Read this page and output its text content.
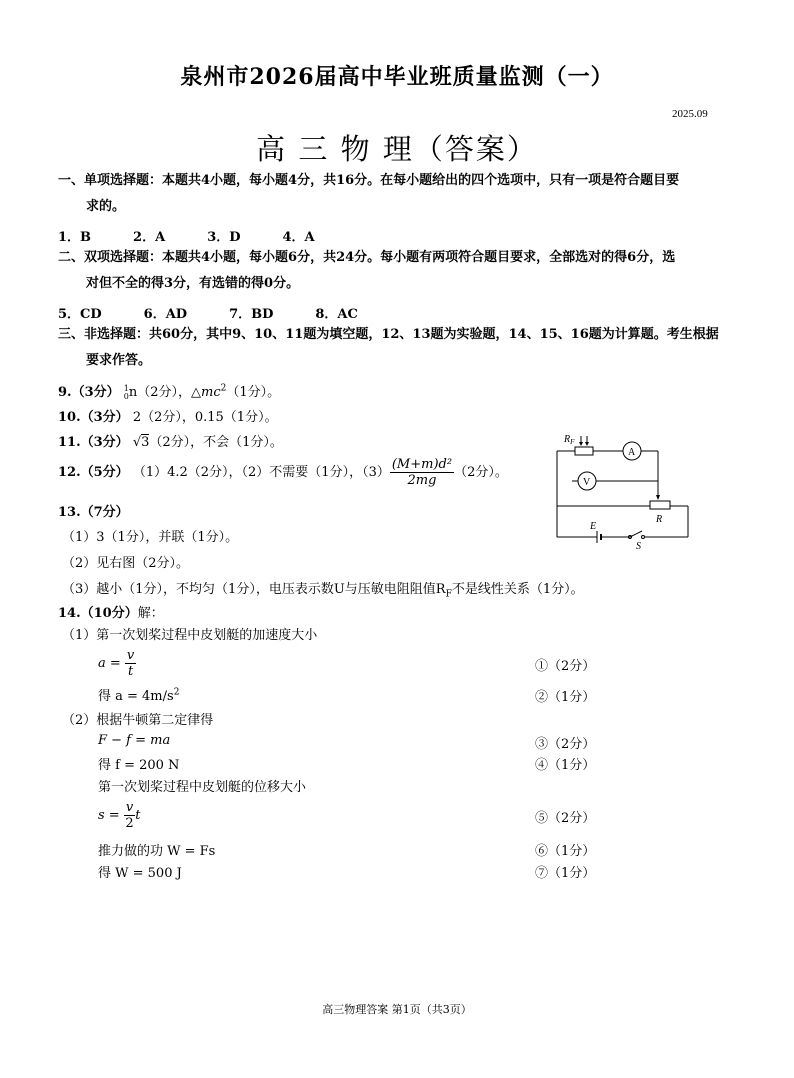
泉州市2026届高中毕业班质量监测（一）
2025.09
高 三 物 理（答案）
一、单项选择题：本题共4小题，每小题4分，共16分。在每小题给出的四个选项中，只有一项是符合题目要
求的。
1．B	2．A	3．D	4．A
二、双项选择题：本题共4小题，每小题6分，共24分。每小题有两项符合题目要求，全部选对的得6分，选
对但不全的得3分，有选错的得0分。
5．CD	6．AD	7．BD	8．AC
三、非选择题：共60分，其中9、10、11题为填空题，12、13题为实验题，14、15、16题为计算题。考生根据
要求作答。
9.（3分） 1
0 n（2分），$\triangle mc^2(1$分）。
10.（3分） 2（2分），0.15（1分）。
11.（3分） √3（2分），不会（1分）。
12.（5分） （1）4.2（2分），（2）不需要（1分），$(3) \frac{\text{(M+m)d²}}{2mg} (2$分）。
13.（7分）
（1）3（1分），并联（1分）。
（2）见右图（2分）。
（3）越小（1分），不均匀（1分），电压表示数U与压敏电阻阻值$R_F$不是线性关系（1分）。
$R_F$
A
V
R
E
S
14.（10分）解：
（1）第一次划桨过程中皮划艇的加速度大小
$a = \frac{v}{t}$	①（2分）
得 $a = 4m/s^2$	②（1分）
（2）根据牛顿第二定律得
F − f = ma	③（2分）
得 f = 200 N	④（1分）
第一次划桨过程中皮划艇的位移大小
$s = \frac{v}{2}$ t	⑤（2分）
推力做的功 W = Fs	⑥（1分）
得 W = 500 J	⑦（1分）
高三物理答案 第1页（共3页）
